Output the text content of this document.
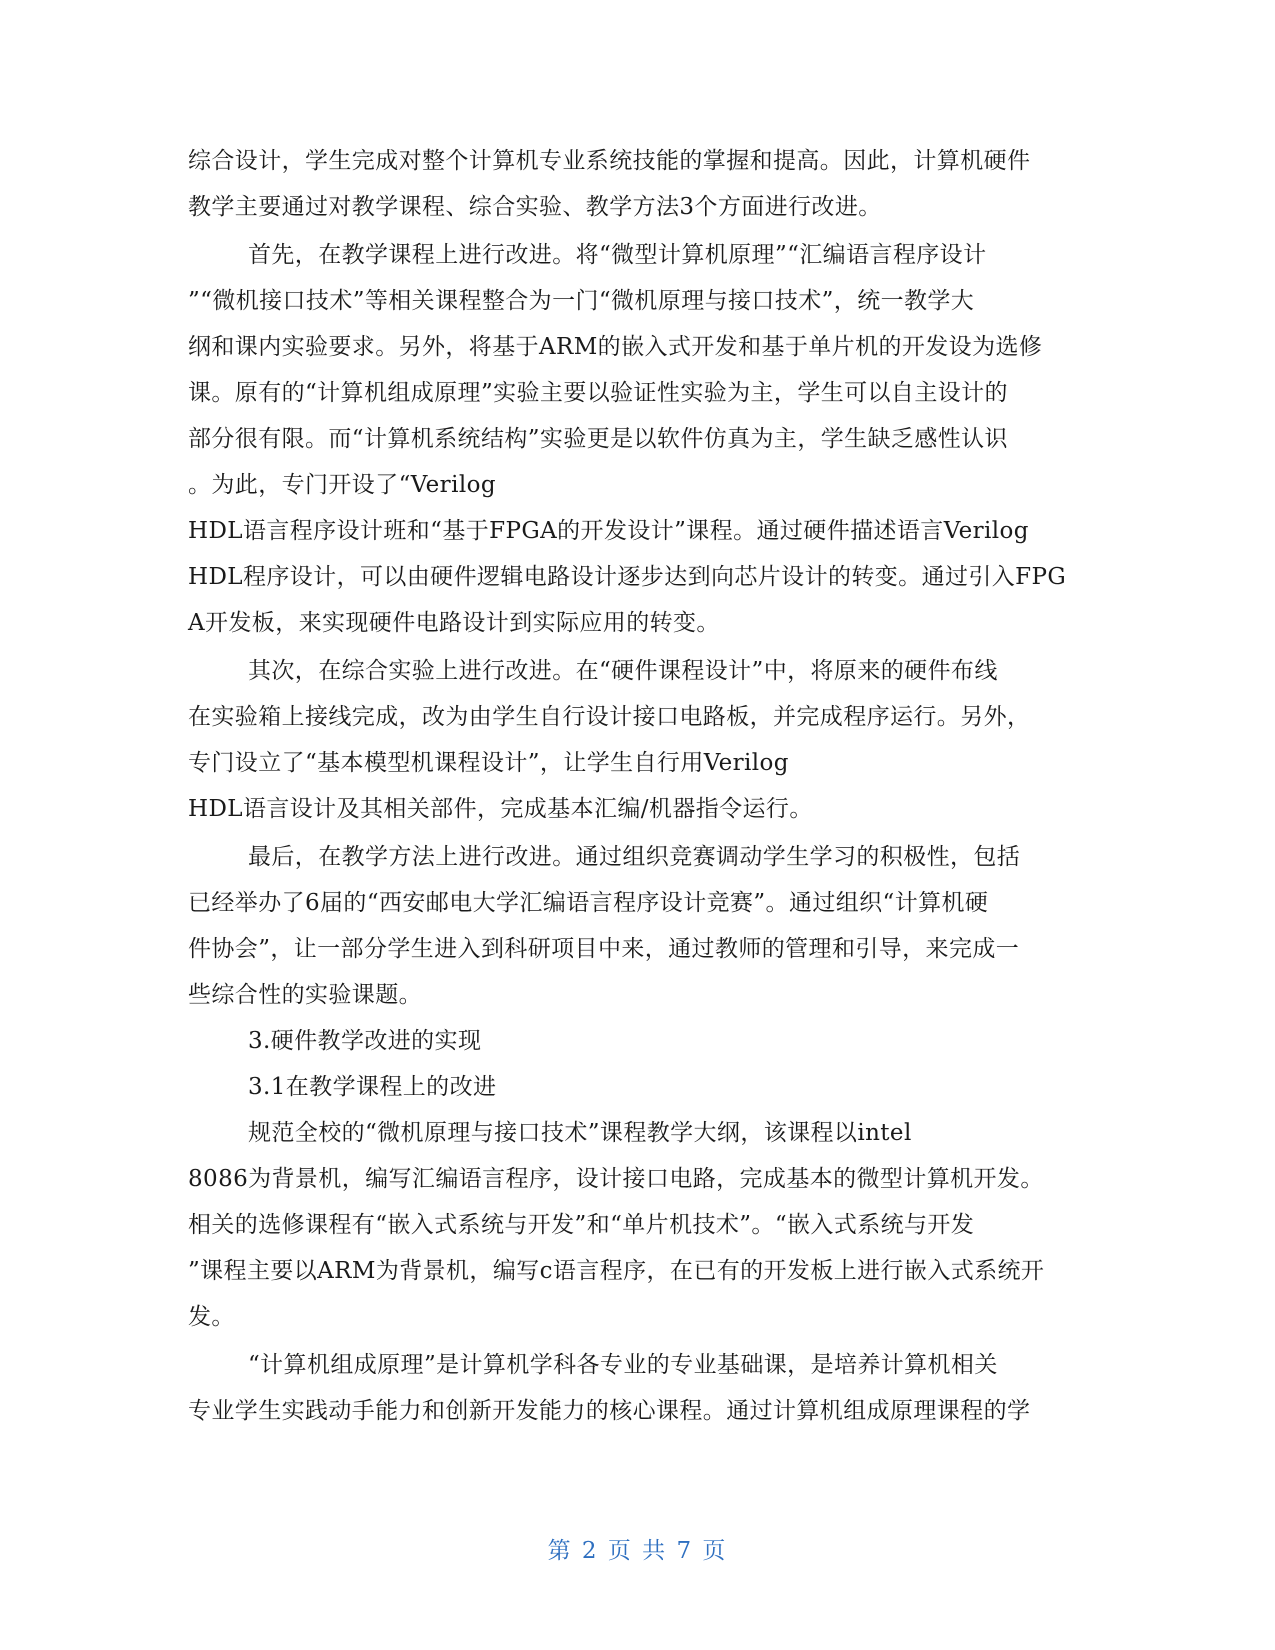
综合设计，学生完成对整个计算机专业系统技能的掌握和提高。因此，计算机硬件
教学主要通过对教学课程、综合实验、教学方法3个方面进行改进。
首先，在教学课程上进行改进。将“微型计算机原理”“汇编语言程序设计
”“微机接口技术”等相关课程整合为一门“微机原理与接口技术”，统一教学大
纲和课内实验要求。另外，将基于ARM的嵌入式开发和基于单片机的开发设为选修
课。原有的“计算机组成原理”实验主要以验证性实验为主，学生可以自主设计的
部分很有限。而“计算机系统结构”实验更是以软件仿真为主，学生缺乏感性认识
。为此，专门开设了“Verilog
HDL语言程序设计班和“基于FPGA的开发设计”课程。通过硬件描述语言Verilog
HDL程序设计，可以由硬件逻辑电路设计逐步达到向芯片设计的转变。通过引入FPG
A开发板，来实现硬件电路设计到实际应用的转变。
其次，在综合实验上进行改进。在“硬件课程设计”中，将原来的硬件布线
在实验箱上接线完成，改为由学生自行设计接口电路板，并完成程序运行。另外，
专门设立了“基本模型机课程设计”，让学生自行用Verilog
HDL语言设计及其相关部件，完成基本汇编/机器指令运行。
最后，在教学方法上进行改进。通过组织竞赛调动学生学习的积极性，包括
已经举办了6届的“西安邮电大学汇编语言程序设计竞赛”。通过组织“计算机硬
件协会”，让一部分学生进入到科研项目中来，通过教师的管理和引导，来完成一
些综合性的实验课题。
3.硬件教学改进的实现
3.1在教学课程上的改进
规范全校的“微机原理与接口技术”课程教学大纲，该课程以intel
8086为背景机，编写汇编语言程序，设计接口电路，完成基本的微型计算机开发。
相关的选修课程有“嵌入式系统与开发”和“单片机技术”。“嵌入式系统与开发
”课程主要以ARM为背景机，编写c语言程序，在已有的开发板上进行嵌入式系统开
发。
“计算机组成原理”是计算机学科各专业的专业基础课，是培养计算机相关
专业学生实践动手能力和创新开发能力的核心课程。通过计算机组成原理课程的学
第 2 页 共 7 页
